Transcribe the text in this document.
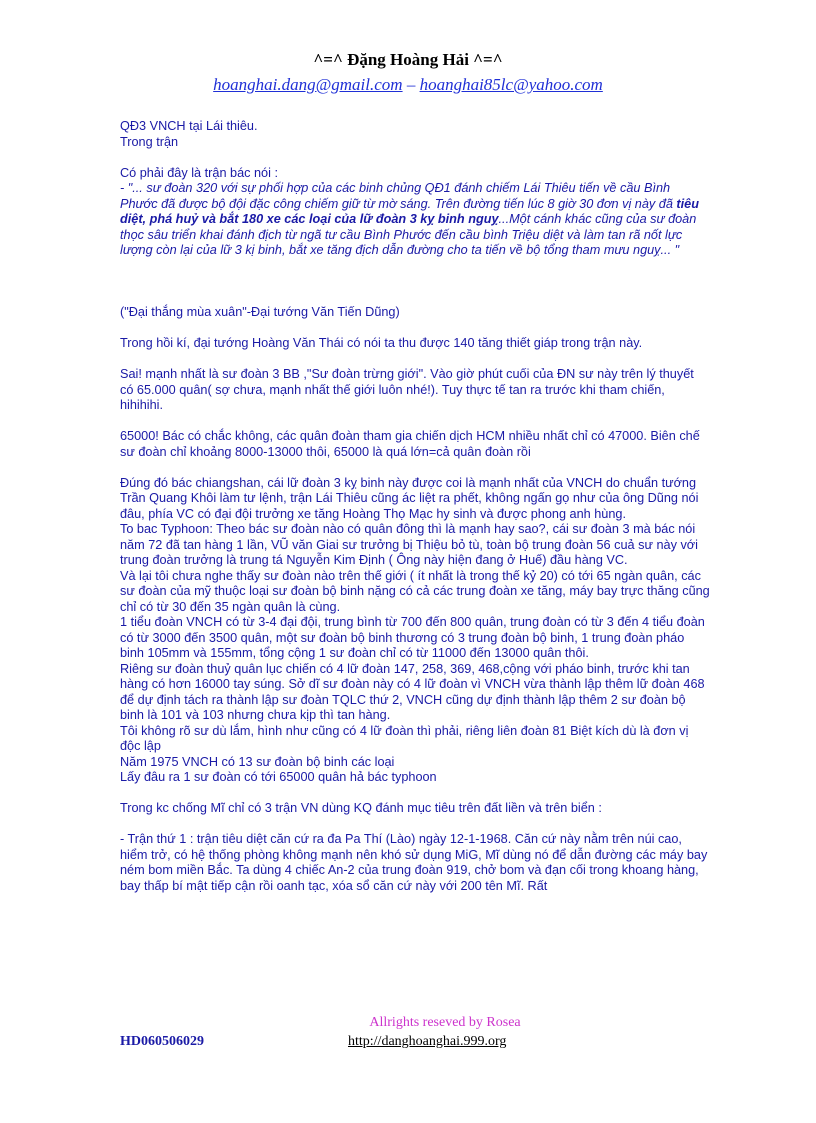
^=^ Đặng Hoàng Hải ^=^
hoanghai.dang@gmail.com – hoanghai85lc@yahoo.com

QĐ3 VNCH tại Lái thiêu.

Trong trận

Có phải đây là trận bác nói :

- "... sư đoàn 320 với sự phối hợp của các binh chủng QĐ1 đánh chiếm Lái Thiêu tiến về cầu Bình Phước đã được bộ đội đặc công chiếm giữ từ mờ sáng. Trên đường tiến lúc 8 giờ 30 đơn vị này đã tiêu diệt, phá huỷ và bắt 180 xe các loại của lữ đoàn 3 kỵ binh nguỵ...Một cánh khác cũng của sư đoàn thọc sâu triển khai đánh địch từ ngã tư cầu Bình Phước đến cầu bình Triệu diệt và làm tan rã nốt lực lượng còn lại của lữ 3 kị binh, bắt xe tăng địch dẫn đường cho ta tiến về bộ tổng tham mưu nguỵ... "

("Đại thắng mùa xuân"-Đại tướng Văn Tiến Dũng)

Trong hồi kí, đại tướng Hoàng Văn Thái có nói ta thu được 140 tăng thiết giáp trong trận này.

Sai! mạnh nhất là sư đoàn 3 BB ,"Sư đoàn trừng giới". Vào giờ phút cuối của ĐN sư này trên lý thuyết có 65.000 quân( sợ chưa, mạnh nhất thế giới luôn nhé!). Tuy thực tế tan ra trước khi tham chiến, hihihihi.

65000! Bác có chắc không, các quân đoàn tham gia chiến dịch HCM nhiều nhất chỉ có 47000. Biên chế sư đoàn chỉ khoảng 8000-13000 thôi, 65000 là quá lớn=cả quân đoàn rồi

Đúng đó bác chiangshan, cái lữ đoàn 3 kỵ binh này được coi là mạnh nhất của VNCH do chuẩn tướng Trần Quang Khôi làm tư lệnh, trận Lái Thiêu cũng ác liệt ra phết, không ngấn gọ như của ông Dũng nói đâu, phía VC có đại đội trưởng xe tăng Hoàng Thọ Mạc hy sinh và được phong anh hùng.

To bac Typhoon: Theo bác sư đoàn nào có quân đông thì là mạnh hay sao?, cái sư đoàn 3 mà bác nói năm 72 đã tan hàng 1 lần, VŨ văn Giai sư trưởng bị Thiệu bỏ tù, toàn bộ trung đoàn 56 cuả sư này với trung đoàn trưởng là trung tá Nguyễn Kim Định ( Ông này hiện đang ở Huế) đầu hàng VC.

Và lại tôi chưa nghe thấy sư đoàn nào trên thế giới ( ít nhất là trong thế kỷ 20) có tới 65 ngàn quân, các sư đoàn của mỹ thuộc loại sư đoàn bộ binh nặng có cả các trung đoàn xe tăng, máy bay trực thăng cũng chỉ có từ 30 đến 35 ngàn quân là cùng.

1 tiểu đoàn VNCH có từ 3-4 đại đội, trung bình từ 700 đến 800 quân, trung đoàn có từ 3 đến 4 tiểu đoàn có từ 3000 đến 3500 quân, một sư đoàn bộ binh thương có 3 trung đoàn bộ binh, 1 trung đoàn pháo binh 105mm và 155mm, tổng cộng 1 sư đoàn chỉ có từ 11000 đến 13000 quân thôi.

Riêng sư đoàn thuỷ quân lục chiến có 4 lữ đoàn 147, 258, 369, 468,cộng với pháo binh, trước khi tan hàng có hơn 16000 tay súng. Sở dĩ sư đoàn này có 4 lữ đoàn vì VNCH vừa thành lập thêm lữ đoàn 468 để dự định tách ra thành lập sư đoàn TQLC thứ 2, VNCH cũng dự định thành lập thêm 2 sư đoàn bộ binh là 101 và 103 nhưng chưa kịp thì tan hàng.

Tôi không rõ sư dù lắm, hình như cũng có 4 lữ đoàn thì phải, riêng liên đoàn 81 Biệt kích dù là đơn vị độc lập

Năm 1975 VNCH có 13 sư đoàn bộ binh các loại

Lấy đâu ra 1 sư đoàn có tới 65000 quân hả bác typhoon

Trong kc chống Mĩ chỉ có 3 trận VN dùng KQ đánh mục tiêu trên đất liền và trên biển :

- Trận thứ 1 : trận tiêu diệt căn cứ ra đa Pa Thí (Lào) ngày 12-1-1968. Căn cứ này nằm trên núi cao, hiểm trở, có hệ thống phòng không mạnh nên khó sử dụng MiG, Mĩ dùng nó để dẫn đường các máy bay ném bom miền Bắc. Ta dùng 4 chiếc An-2 của trung đoàn 919, chở bom và đạn cối trong khoang hàng, bay thấp bí mật tiếp cận rồi oanh tạc, xóa sổ căn cứ này với 200 tên Mĩ. Rất

Allrights reseved by Rosea
HD060506029	http://danghoanghai.999.org
